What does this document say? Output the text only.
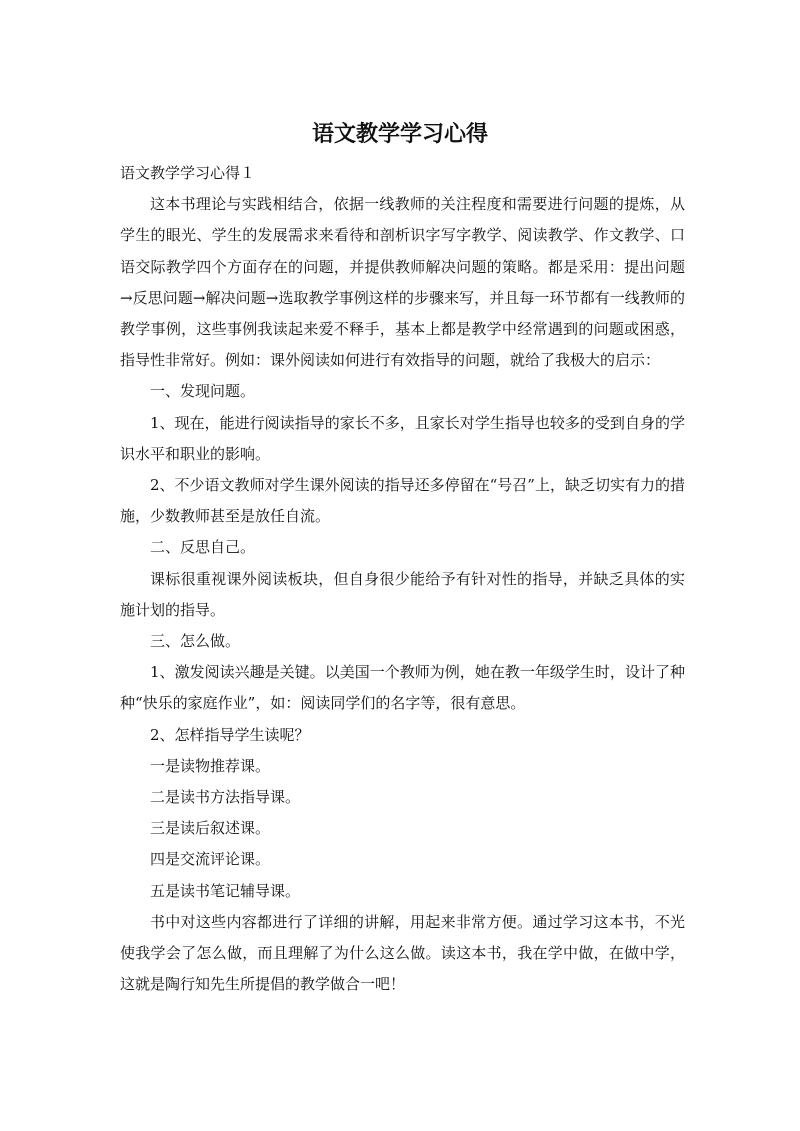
语文教学学习心得

语文教学学习心得１

这本书理论与实践相结合，依据一线教师的关注程度和需要进行问题的提炼，从学生的眼光、学生的发展需求来看待和剖析识字写字教学、阅读教学、作文教学、口语交际教学四个方面存在的问题，并提供教师解决问题的策略。都是采用：提出问题→反思问题→解决问题→选取教学事例这样的步骤来写，并且每一环节都有一线教师的教学事例，这些事例我读起来爱不释手，基本上都是教学中经常遇到的问题或困惑，指导性非常好。例如：课外阅读如何进行有效指导的问题，就给了我极大的启示：

一、发现问题。

1、现在，能进行阅读指导的家长不多，且家长对学生指导也较多的受到自身的学识水平和职业的影响。

2、不少语文教师对学生课外阅读的指导还多停留在“号召”上，缺乏切实有力的措施，少数教师甚至是放任自流。

二、反思自己。

课标很重视课外阅读板块，但自身很少能给予有针对性的指导，并缺乏具体的实施计划的指导。

三、怎么做。

1、激发阅读兴趣是关键。以美国一个教师为例，她在教一年级学生时，设计了种种“快乐的家庭作业”，如：阅读同学们的名字等，很有意思。

2、怎样指导学生读呢？

一是读物推荐课。

二是读书方法指导课。

三是读后叙述课。

四是交流评论课。

五是读书笔记辅导课。

书中对这些内容都进行了详细的讲解，用起来非常方便。通过学习这本书，不光使我学会了怎么做，而且理解了为什么这么做。读这本书，我在学中做，在做中学，这就是陶行知先生所提倡的教学做合一吧！
